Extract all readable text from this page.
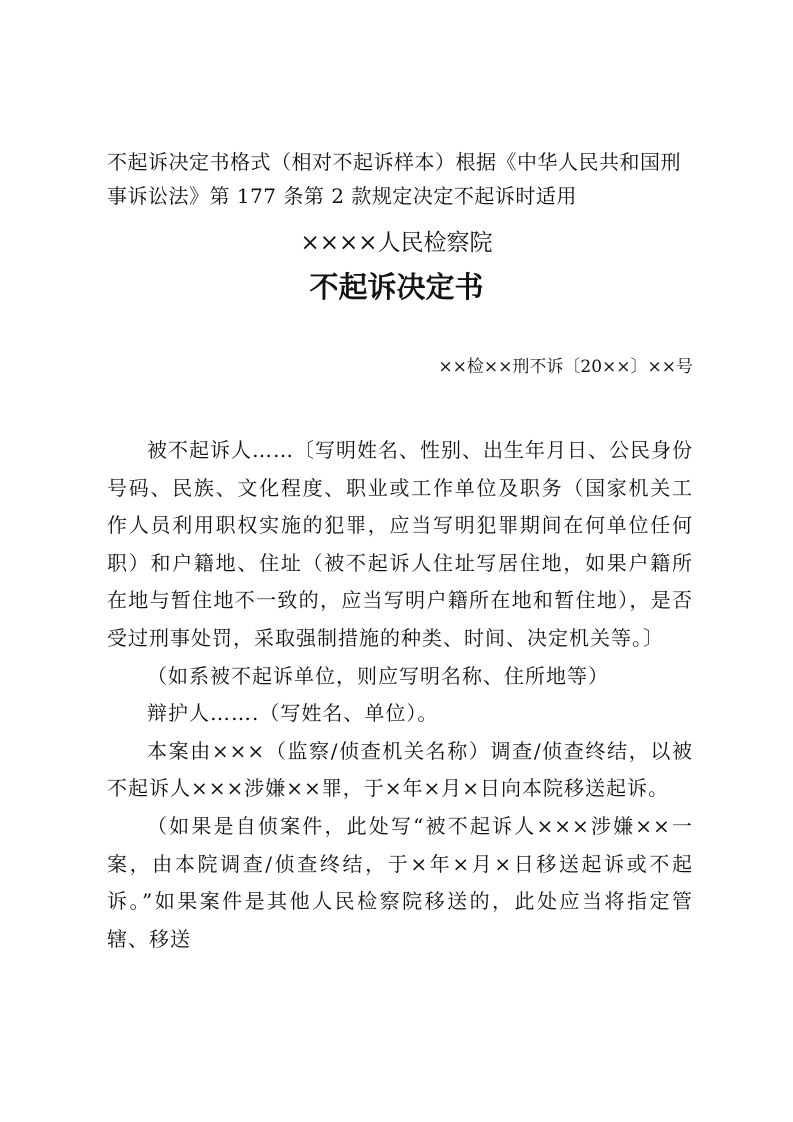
不起诉决定书格式（相对不起诉样本）根据《中华人民共和国刑事诉讼法》第 177 条第 2 款规定决定不起诉时适用
××××人民检察院
不起诉决定书
××检××刑不诉〔20××〕××号

被不起诉人……〔写明姓名、性别、出生年月日、公民身份号码、民族、文化程度、职业或工作单位及职务（国家机关工作人员利用职权实施的犯罪，应当写明犯罪期间在何单位任何职）和户籍地、住址（被不起诉人住址写居住地，如果户籍所在地与暂住地不一致的，应当写明户籍所在地和暂住地），是否受过刑事处罚，采取强制措施的种类、时间、决定机关等。〕

（如系被不起诉单位，则应写明名称、住所地等）

辩护人…….（写姓名、单位）。

本案由×××（监察/侦查机关名称）调查/侦查终结，以被不起诉人×××涉嫌××罪，于×年×月×日向本院移送起诉。

（如果是自侦案件，此处写“被不起诉人×××涉嫌××一案，由本院调查/侦查终结，于×年×月×日移送起诉或不起诉。”如果案件是其他人民检察院移送的，此处应当将指定管辖、移送
